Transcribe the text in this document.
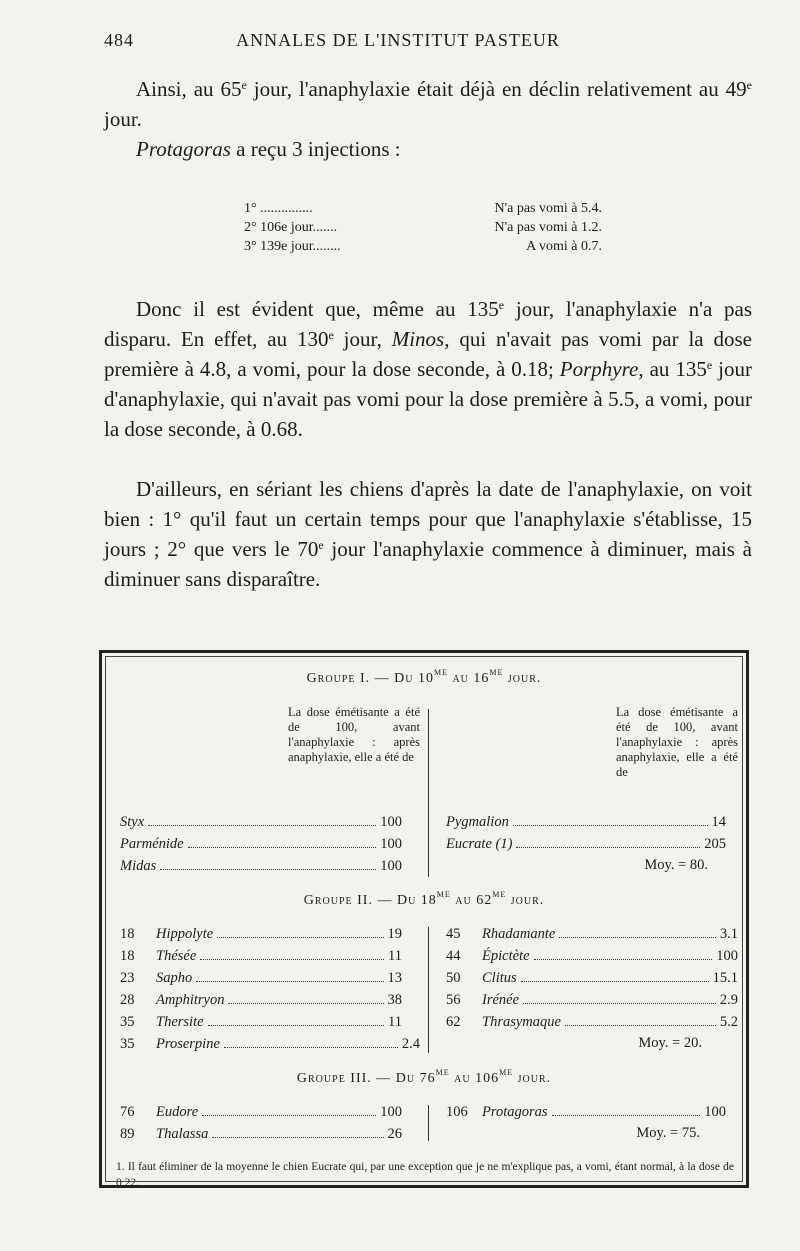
484	ANNALES DE L'INSTITUT PASTEUR

Ainsi, au 65e jour, l'anaphylaxie était déjà en déclin relativement au 49e jour.

Protagoras a reçu 3 injections :

1° ...............	N'a pas vomi à 5.4.
2° 106e jour.......	N'a pas vomi à 1.2.
3° 139e jour........	A vomi à 0.7.

Donc il est évident que, même au 135e jour, l'anaphylaxie n'a pas disparu. En effet, au 130e jour, Minos, qui n'avait pas vomi par la dose première à 4.8, a vomi, pour la dose seconde, à 0.18; Porphyre, au 135e jour d'anaphylaxie, qui n'avait pas vomi pour la dose première à 5.5, a vomi, pour la dose seconde, à 0.68.

D'ailleurs, en sériant les chiens d'après la date de l'anaphylaxie, on voit bien : 1° qu'il faut un certain temps pour que l'anaphylaxie s'établisse, 15 jours ; 2° que vers le 70e jour l'anaphylaxie commence à diminuer, mais à diminuer sans disparaître.

Groupe I. — Du $10^{me}$ au $16^{me}$ jour.
La dose émétisante a été de 100, avant l'anaphylaxie : après anaphylaxie, elle a été de
La dose émétisante a été de 100, avant l'anaphylaxie : après anaphylaxie, elle a été de
Styx	100
Parménide	100
Midas	100
Pygmalion	14
Eucrate (1)	205
Moy. = 80.
Groupe II. — Du $18^{me}$ au $62^{me}$ jour.
18	Hippolyte	19
18	Thésée	11
23	Sapho	13
28	Amphitryon	38
35	Thersite	11
35	Proserpine	2.4
45	Rhadamante	3.1
44	Épictète	100
50	Clitus	15.1
56	Irénée	2.9
62	Thrasymaque	5.2
Moy. = 20.
Groupe III. — Du $76^{me}$ au $106^{me}$ jour.
76	Eudore	100
89	Thalassa	26
106 Protagoras	100
Moy. = 75.
1. Il faut éliminer de la moyenne le chien Eucrate qui, par une exception que je ne m'explique pas, a vomi, étant normal, à la dose de 0,22.
